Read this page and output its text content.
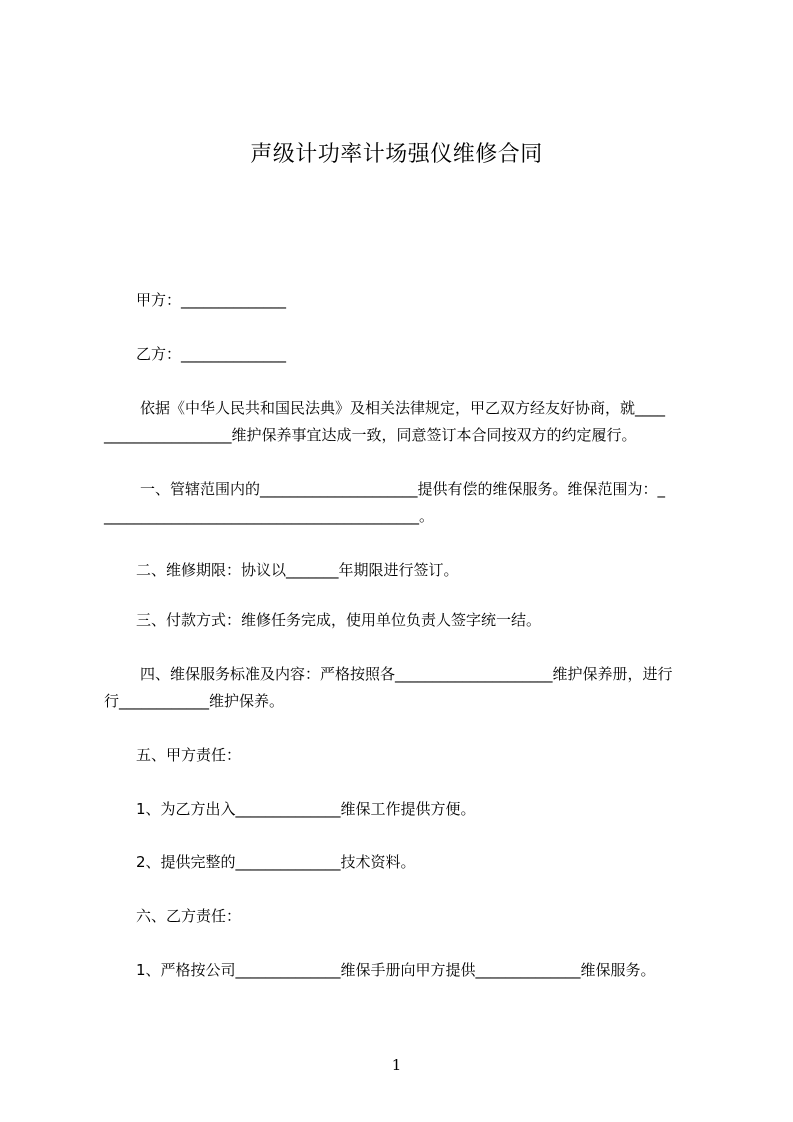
声级计功率计场强仪维修合同
甲方：______________
乙方：______________
依据《中华人民共和国民法典》及相关法律规定，甲乙双方经友好协商，就____
_________________维护保养事宜达成一致，同意签订本合同按双方的约定履行。
一、管辖范围内的_____________________提供有偿的维保服务。维保范围为：_
__________________________________________。
二、维修期限：协议以_______年期限进行签订。
三、付款方式：维修任务完成，使用单位负责人签字统一结。
四、维保服务标准及内容：严格按照各_____________________维护保养册，进行
行____________维护保养。
五、甲方责任：
1、为乙方出入______________维保工作提供方便。
2、提供完整的______________技术资料。
六、乙方责任：
1、严格按公司______________维保手册向甲方提供______________维保服务。
1
